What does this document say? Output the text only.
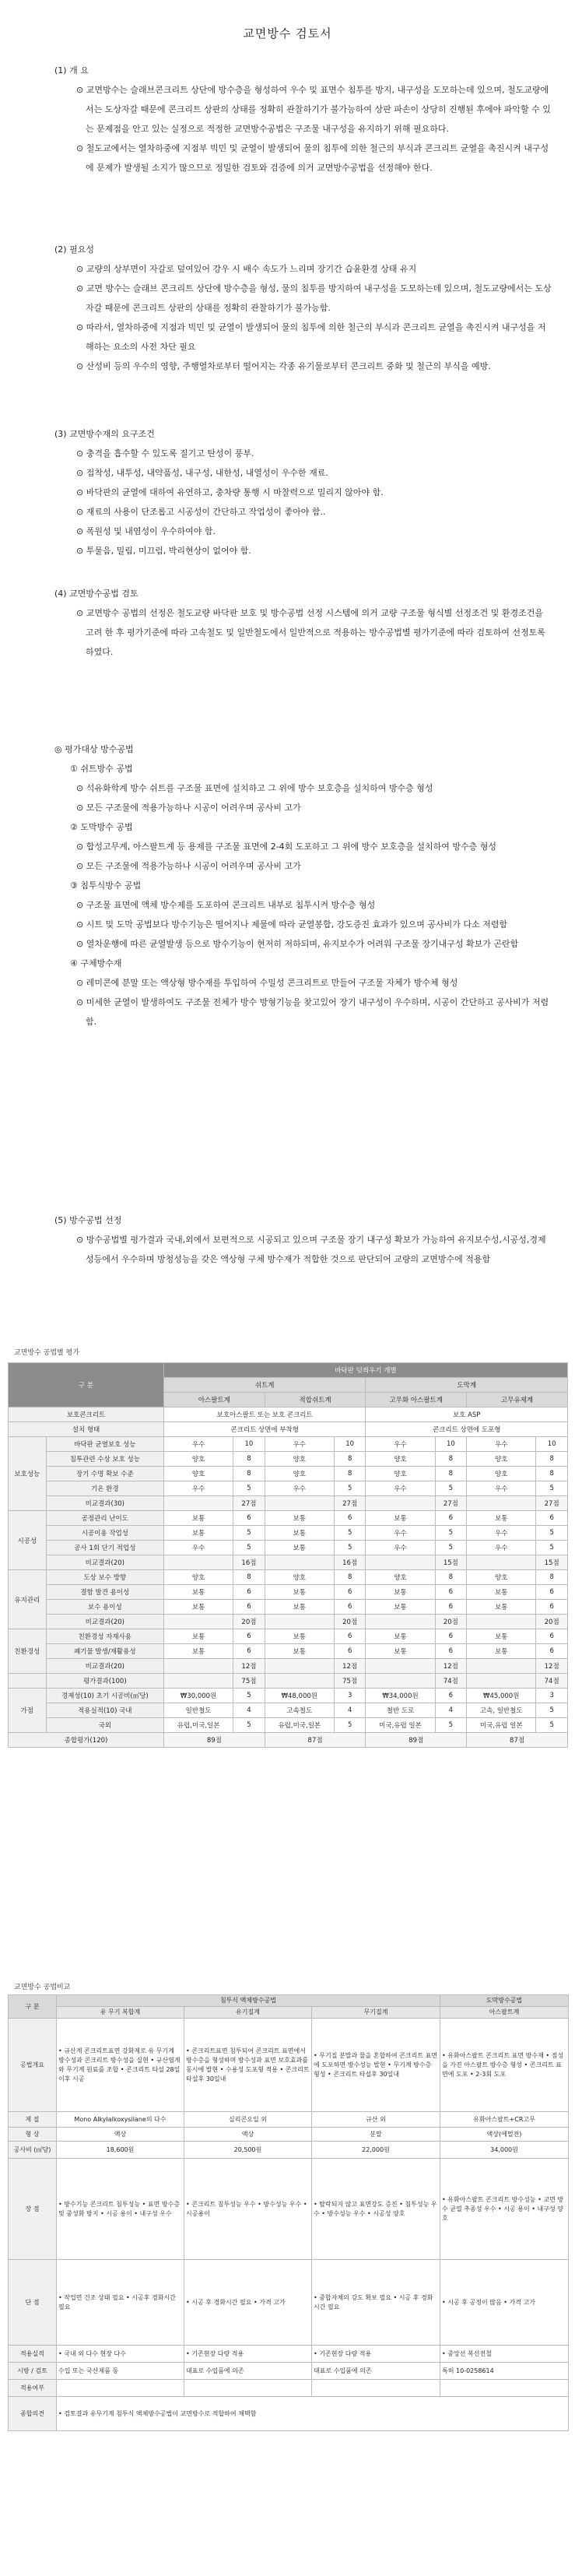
교면방수 검토서
(1) 개 요
⊙ 교면방수는 슬래브콘크리트 상단에 방수층을 형성하여 우수 및 표면수 침투를 방지, 내구성을 도모하는데 있으며, 철도교량에서는 도상자갈 때문에 콘크리트 상판의 상태를 정확히 관찰하기가 불가능하여 상판 파손이 상당히 진행된 후에야 파악할 수 있는 문제점을 안고 있는 실정으로 적정한 교면방수공법은 구조물 내구성을 유지하기 위해 필요하다.
⊙ 철도교에서는 열차하중에 지점부 빅민 및 균열이 발생되어 물의 침투에 의한 철근의 부식과 콘크리트 균열을 촉진시켜 내구성에 문제가 발생될 소지가 많으므로 정밀한 검토와 검증에 의거 교면방수공법을 선정해야 한다.
(2) 필요성
⊙ 교량의 상부면이 자갈로 덮여있어 강우 시 배수 속도가 느리며 장기간 습윤환경 상태 유지
⊙ 교면 방수는 슬래브 콘크리트 상단에 방수층을 형성, 물의 침투를 방지하여 내구성을 도모하는데 있으며, 철도교량에서는 도상자갈 때문에 콘크리트 상판의 상태를 정확히 관찰하기가 불가능함.
⊙ 따라서, 열차하중에 지점과 빅민 및 균열이 발생되어 물의 침투에 의한 철근의 부식과 콘크리트 균열을 촉진시켜 내구성을 저해하는 요소의 사전 차단 필요
⊙ 산성비 등의 우수의 영향, 주행열차로부터 떨어지는 각종 유기물로부터 콘크리트 중화 및 철근의 부식을 예방.
(3) 교면방수재의 요구조건
⊙ 충격을 흡수할 수 있도록 질기고 탄성이 풍부.
⊙ 접착성, 내투성, 내약품성, 내구성, 내한성, 내열성이 우수한 재료.
⊙ 바닥판의 균열에 대하여 유연하고, 충차량 통행 시 마찰력으로 밀리지 않아야 함.
⊙ 재료의 사용이 단조롭고 시공성이 간단하고 작업성이 좋아야 함..
⊙ 폭원성 및 내염성이 우수하여야 함.
⊙ 투물음, 밀림, 미끄럼, 박리현상이 없어야 함.
(4) 교면방수공법 검토
⊙ 교면방수 공법의 선정은 철도교량 바닥판 보호 및 방수공법 선정 시스템에 의거 교량 구조물 형식별 선정조건 및 환경조건을 고려 한 후 평가기준에 따라 고속철도 및 일반철도에서 일반적으로 적용하는 방수공법별 평가기준에 따라 검토하여 선정토록 하였다.
◎ 평가대상 방수공법
① 쉬트방수 공법
⊙ 석유화학계 방수 쉬트를 구조물 표면에 설치하고 그 위에 방수 보호층을 설치하여 방수층 형성
⊙ 모든 구조물에 적용가능하나 시공이 어려우며 공사비 고가
② 도막방수 공법
⊙ 합성고무계, 아스팔트계 등 용제를 구조물 표면에 2-4회 도포하고 그 위에 방수 보호층을 설치하여 방수층 형성
⊙ 모든 구조물에 적용가능하나 시공이 어려우며 공사비 고가
③ 침투식방수 공법
⊙ 구조물 표면에 액체 방수제를 도포하여 콘크리트 내부로 침투시켜 방수층 형성
⊙ 시트 및 도막 공법보다 방수기능은 떨어지나 제물에 따라 균열봉합, 강도증진 효과가 있으며 공사비가 다소 저렴함
⊙ 열차운행에 따른 균열발생 등으로 방수기능이 현저히 저하되며, 유지보수가 어려워 구조물 장기내구성 확보가 곤란함
④ 구체방수재
⊙ 레미콘에 분말 또는 액상형 방수재를 투입하여 수밀성 콘크리트로 만들어 구조물 자체가 방수체 형성
⊙ 미세한 균열이 발생하여도 구조물 전체가 방수 방형기능을 찾고있어 장기 내구성이 우수하며, 시공이 간단하고 공사비가 저렴함.
(5) 방수공법 선정
⊙ 방수공법별 평가결과 국내,외에서 보편적으로 시공되고 있으며 구조물 장기 내구성 확보가 가능하여 유지보수성,시공성,경제성등에서 우수하며 방청성능을 갖은 액상형 구체 방수재가 적합한 것으로 판단되어 교량의 교면방수에 적용함
교면방수 공법별 평가
구 분		바닥판 덧씌우기 개별							
		쉬트계				도막계			
		아스팔트계		적합쉬트계		고무화 아스팔트계		고무유제계	
보호콘크리트		보호아스팔트 또는 보호 콘크리트				보호 ASP			
설치 형태		콘크리트 상면에 부착형				콘크리트 상면에 도포형			
보호성능	바닥판 균열보호 성능	우수	10	우수	10	우수	10	우수	10
	침투관련 수상 보호 성능	양호	8	양호	8	양호	8	양호	8
	장기 수명 확보 수준	양호	8	양호	8	양호	8	양호	8
	기온 환경	우수	5	우수	5	우수	5	우수	5
	비교결과(30)		27점		27점		27점		27점
시공성	공정관리 난이도	보통	6	보통	6	보통	6	보통	6
	시공이용 작업성	보통	5	보통	5	우수	5	우수	5
	공사 1회 단기 적업성	우수	5	보통	5	우수	5	우수	5
	비교결과(20)		16점		16점		15점		15점
유지관리	도상 보수 방향	양호	8	양호	8	양호	8	양호	8
	결함 발견 용이성	보통	6	보통	6	보통	6	보통	6
	보수 용이성	보통	6	보통	6	보통	6	보통	6
	비교결과(20)		20점		20점		20점		20점
친환경성	친환경성 자재사용	보통	6	보통	6	보통	6	보통	6
	폐기물 발생/재활용성	보통	6	보통	6	보통	6	보통	6
	비교결과(20)		12점		12점		12점		12점
	평가결과(100)		75점		75점		74점		74점
가점	경제성(10) 초기 시공비(㎡당)	₩30,000원	5	₩48,000원	3	₩34,000원	6	₩45,000원	3
	적용실적(10) 국내	일반철도	4	고속철도	4	철반 도로	4	고속, 일반철도	5
	국외	유럽,미국,일본	5	유럽,미국,일본	5	미국,유럽 일본	5	미국,유럽 일본	5
종합평가(120)		89점		87점		89점		87점	
교면방수 공법비교
구 분	침투식 액체방수공법			도막방수공법
	유 무기 복합계	유기질계	무기질계	아스팔트계
공법개요	• 규산계 콘크리트표면 강화제로 유 무기계 방수성과 콘크리트 방수성을 실현 • 규산염계와 무기계 원료를 조합 • 콘크리트 타설 28일 이후 시공	• 콘크리트표면 침투되어 콘크리트 표면에서 방수층을 형성하며 방수성과 표면 보호효과를 동시에 발현 • 수용성 도포형 적용 • 콘크리트 타설후 30일내	• 무기질 분말과 물을 혼합하여 콘크리트 표면에 도포하면 방수성능 발현 • 무기계 방수층 형성 • 콘크리트 타설후 30일내	• 유화아스팔트 콘크리트 표면 방수재 • 점성을 가진 아스팔트 방수층 형성 • 콘크리트 표면에 도포 • 2-3회 도포
제 질	Mono Alkylalkoxysilane의 다수	실리콘오일 외	규산 외	유화아스팔트+CR고무
형 상	액상	액상	분말	액상(에멀젼)
공사비 (㎡당)	18,600원	20,500원	22,000원	34,000원
장 점	• 방수기능 콘크리트 침투성능 • 표면 방수층 및 중성화 방지 • 시공 용이 • 내구성 우수	• 콘크리트 침투성능 우수 • 방수성능 우수 • 시공용이	• 탈락되지 않고 표면강도 증진 • 침투성능 우수 • 방수성능 우수 • 시공성 양호	• 유화아스팔트 콘크리트 방수성능 • 교면 방수 균열 추종성 우수 • 시공 용이 • 내구성 양호
단 점	• 작업면 건조 상태 필요 • 시공후 경화시간 필요	• 시공 후 경화시간 필요 • 가격 고가	• 중합자체의 강도 확보 필요 • 시공 후 경화시간 필요	• 시공 후 공정이 많음 • 가격 고가
적용실적	• 국내 외 다수 현장 다수	• 기존현장 다량 적용	• 기존현장 다량 적용	• 중앙선 복선전철
시방 / 검토	수입 또는 국산제품 동	대표로 수입품에 의존	대표로 수입품에 의존	특허 10-0258614
적용여부				
종합의견	• 검토결과 유무기계 침투식 액체방수공법이 교면방수로 적합하여 채택함			
